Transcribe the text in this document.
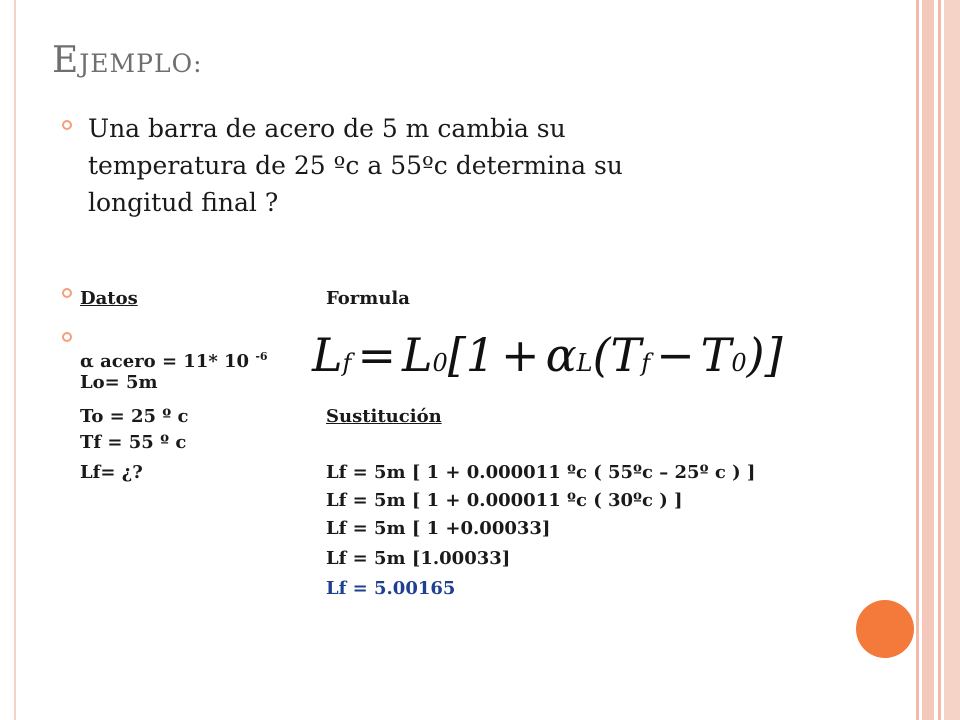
EJEMPLO:
Una barra de acero de 5 m cambia su temperatura de 25 ºc a 55ºc determina su longitud final ?
Datos	Formula
α acero = 11* 10 $^{-6}$
Lo= 5m
To = 25 º c
Tf = 55 º c
Lf= ¿?
Lf = L0[1 + αL(Tf − T0)]
Sustitución
Lf = 5m [ 1 + 0.000011 ºc ( 55ºc – 25º c ) ]
Lf = 5m [ 1 + 0.000011 ºc ( 30ºc ) ]
Lf = 5m [ 1 +0.00033]
Lf = 5m [1.00033]
Lf = 5.00165
